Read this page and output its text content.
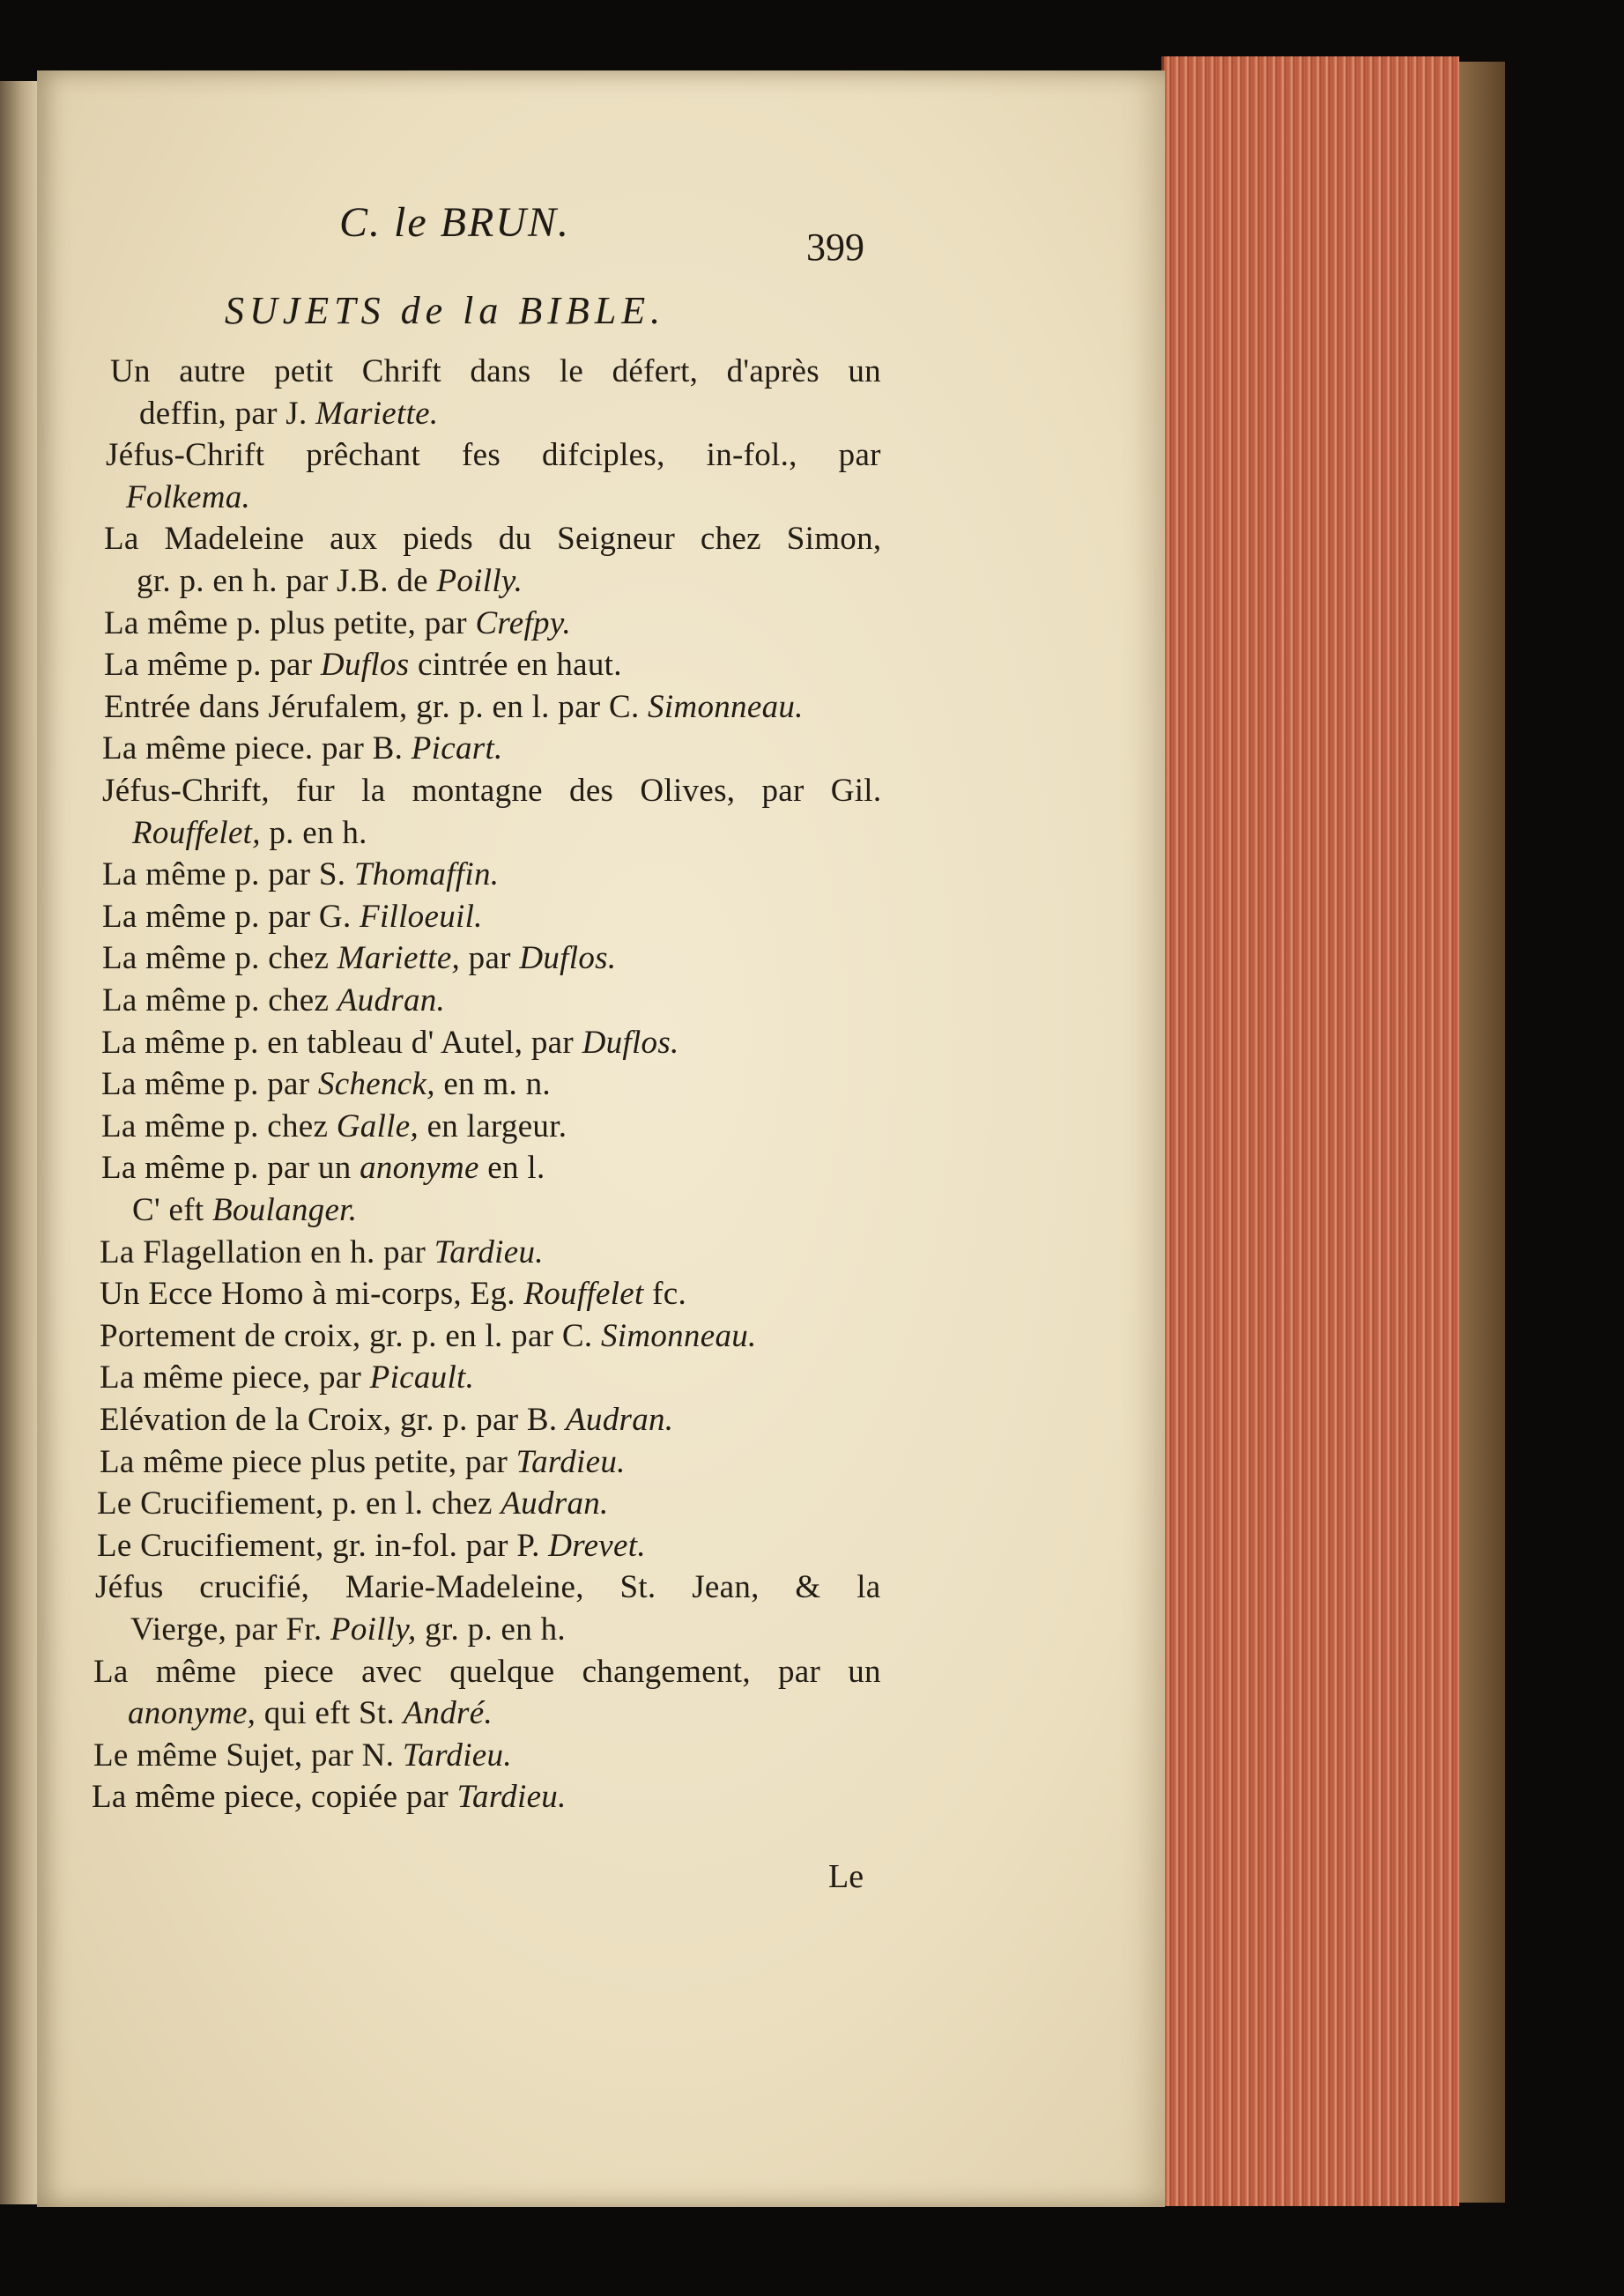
C. le BRUN.
399
SUJETS de la BIBLE.
Un autre petit Chrift dans le défert, d'après un
deffin, par J. Mariette.
Jéfus-Chrift prêchant fes difciples, in-fol., par
Folkema.
La Madeleine aux pieds du Seigneur chez Simon,
gr. p. en h. par J.B. de Poilly.
La même p. plus petite, par Crefpy.
La même p. par Duflos cintrée en haut.
Entrée dans Jérufalem, gr. p. en l. par C. Simonneau.
La même piece. par B. Picart.
Jéfus-Chrift, fur la montagne des Olives, par Gil.
Rouffelet, p. en h.
La même p. par S. Thomaffin.
La même p. par G. Filloeuil.
La même p. chez Mariette, par Duflos.
La même p. chez Audran.
La même p. en tableau d' Autel, par Duflos.
La même p. par Schenck, en m. n.
La même p. chez Galle, en largeur.
La même p. par un anonyme en l.
C' eft Boulanger.
La Flagellation en h. par Tardieu.
Un Ecce Homo à mi-corps, Eg. Rouffelet fc.
Portement de croix, gr. p. en l. par C. Simonneau.
La même piece, par Picault.
Elévation de la Croix, gr. p. par B. Audran.
La même piece plus petite, par Tardieu.
Le Crucifiement, p. en l. chez Audran.
Le Crucifiement, gr. in-fol. par P. Drevet.
Jéfus crucifié, Marie-Madeleine, St. Jean, & la
Vierge, par Fr. Poilly, gr. p. en h.
La même piece avec quelque changement, par un
anonyme, qui eft St. André.
Le même Sujet, par N. Tardieu.
La même piece, copiée par Tardieu.
Le
